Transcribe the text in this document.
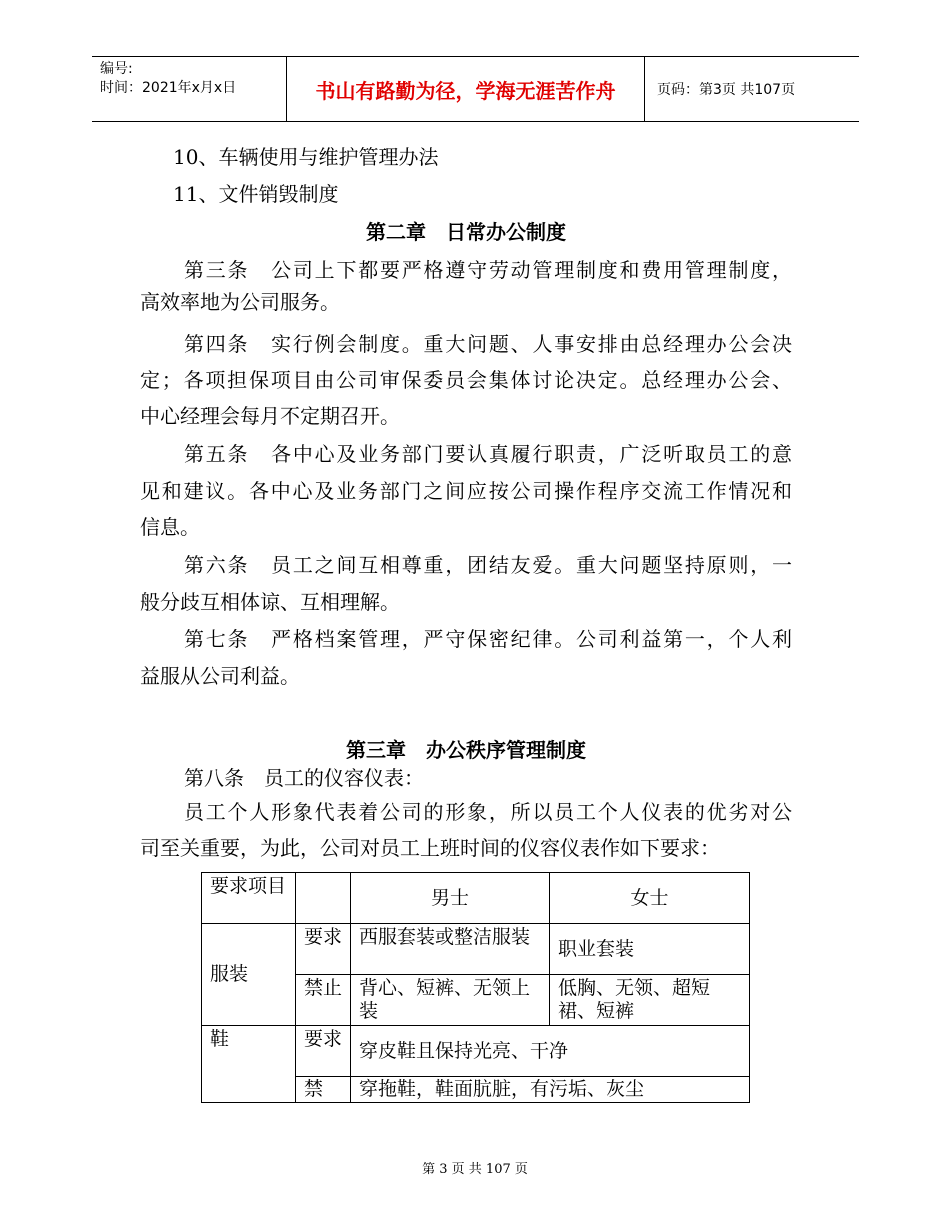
编号:
时间：2021年x月x日	书山有路勤为径，学海无涯苦作舟	页码：第3页 共107页
10、车辆使用与维护管理办法
11、文件销毁制度
第二章　日常办公制度
第三条　公司上下都要严格遵守劳动管理制度和费用管理制度，
高效率地为公司服务。
第四条　实行例会制度。重大问题、人事安排由总经理办公会决
定；各项担保项目由公司审保委员会集体讨论决定。总经理办公会、
中心经理会每月不定期召开。
第五条　各中心及业务部门要认真履行职责，广泛听取员工的意
见和建议。各中心及业务部门之间应按公司操作程序交流工作情况和
信息。
第六条　员工之间互相尊重，团结友爱。重大问题坚持原则，一
般分歧互相体谅、互相理解。
第七条　严格档案管理，严守保密纪律。公司利益第一，个人利
益服从公司利益。
第三章　办公秩序管理制度
第八条　员工的仪容仪表：
员工个人形象代表着公司的形象，所以员工个人仪表的优劣对公
司至关重要，为此，公司对员工上班时间的仪容仪表作如下要求：
要求项目		男士	女士
服装	要求	西服套装或整洁服装	职业套装
	禁止	背心、短裤、无领上装	低胸、无领、超短裙、短裤
鞋	要求	穿皮鞋且保持光亮、干净	
	禁	穿拖鞋，鞋面肮脏，有污垢、灰尘	
第 3 页 共 107 页
